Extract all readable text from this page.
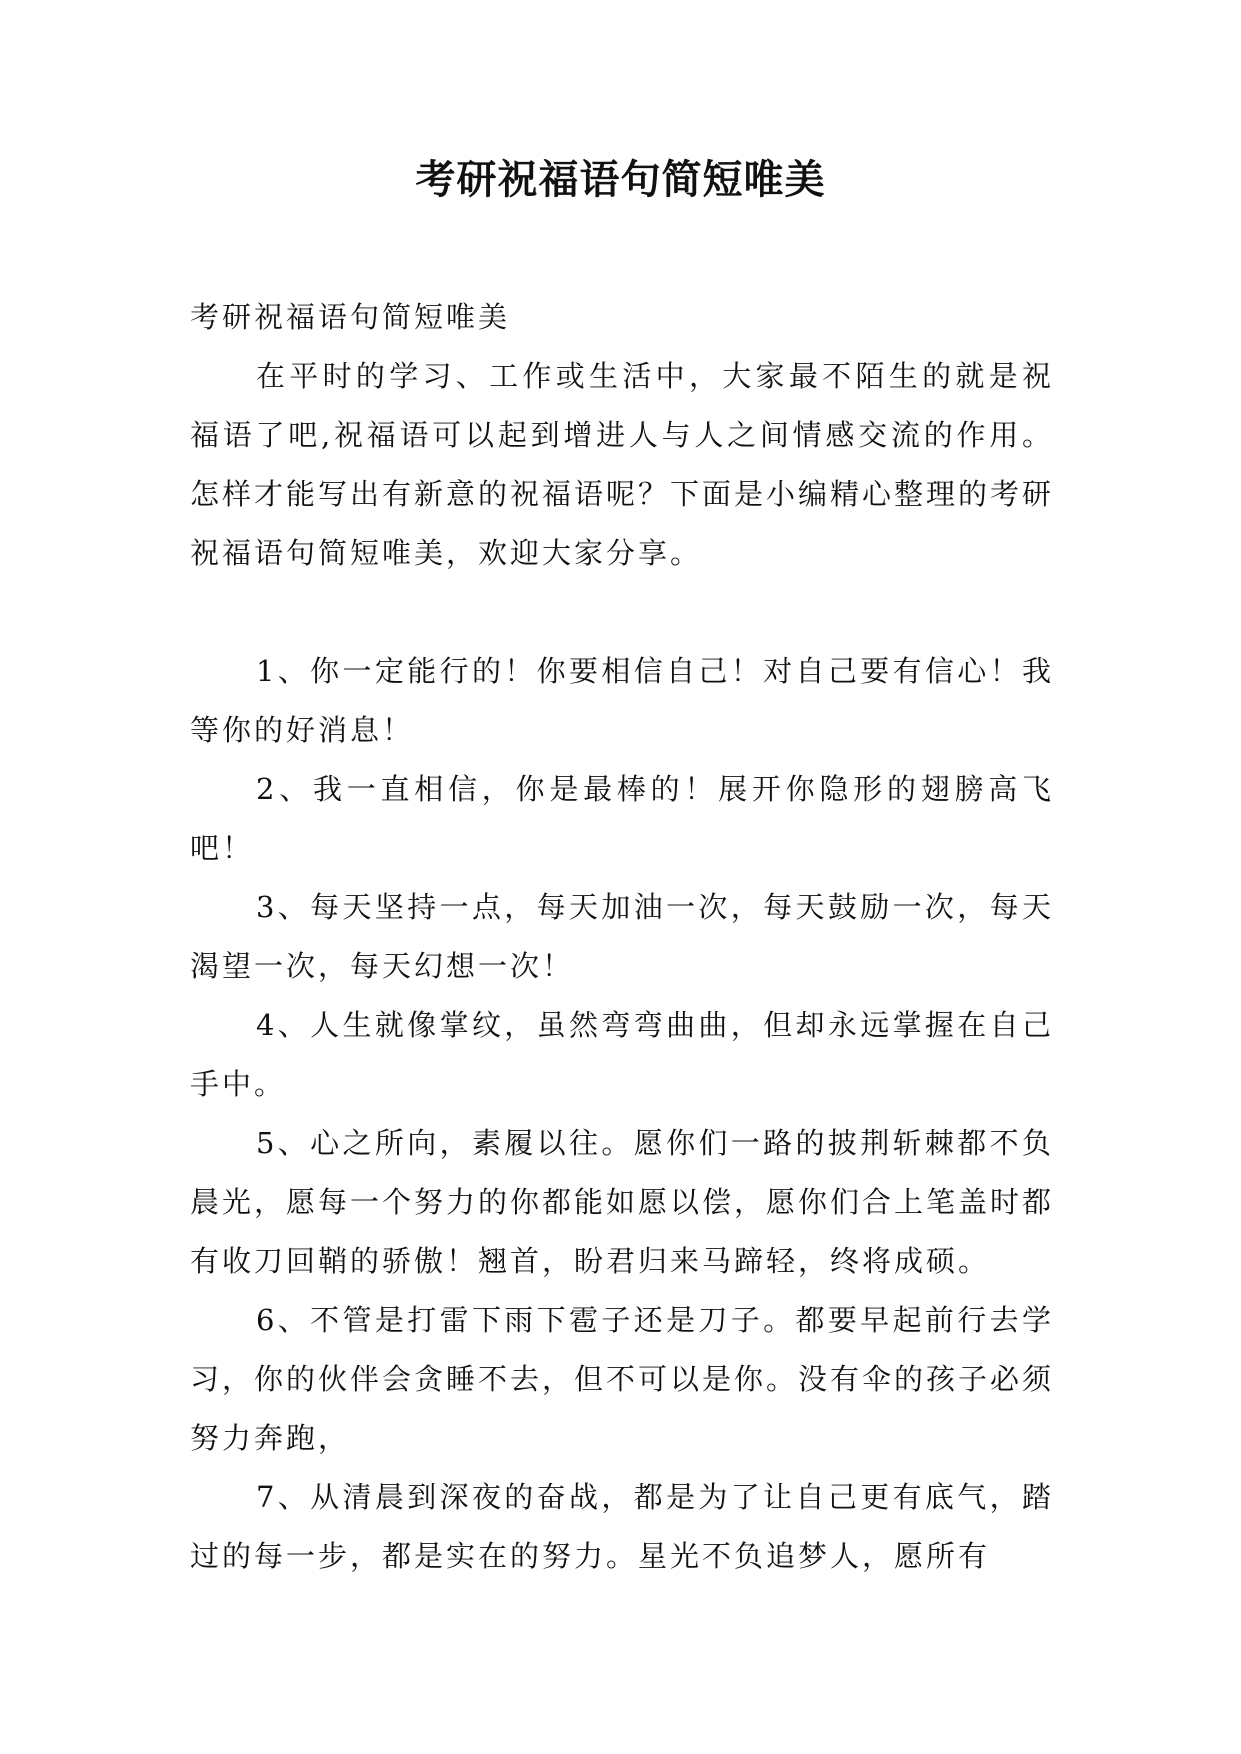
考研祝福语句简短唯美

考研祝福语句简短唯美

在平时的学习、工作或生活中，大家最不陌生的就是祝福语了吧,祝福语可以起到增进人与人之间情感交流的作用。怎样才能写出有新意的祝福语呢？下面是小编精心整理的考研祝福语句简短唯美，欢迎大家分享。

1、你一定能行的！你要相信自己！对自己要有信心！我等你的好消息！

2、我一直相信，你是最棒的！展开你隐形的翅膀高飞吧！

3、每天坚持一点，每天加油一次，每天鼓励一次，每天渴望一次，每天幻想一次！

4、人生就像掌纹，虽然弯弯曲曲，但却永远掌握在自己手中。

5、心之所向，素履以往。愿你们一路的披荆斩棘都不负晨光，愿每一个努力的你都能如愿以偿，愿你们合上笔盖时都有收刀回鞘的骄傲！翘首，盼君归来马蹄轻，终将成硕。

6、不管是打雷下雨下雹子还是刀子。都要早起前行去学习，你的伙伴会贪睡不去，但不可以是你。没有伞的孩子必须努力奔跑，

7、从清晨到深夜的奋战，都是为了让自己更有底气，踏过的每一步，都是实在的努力。星光不负追梦人，愿所有
